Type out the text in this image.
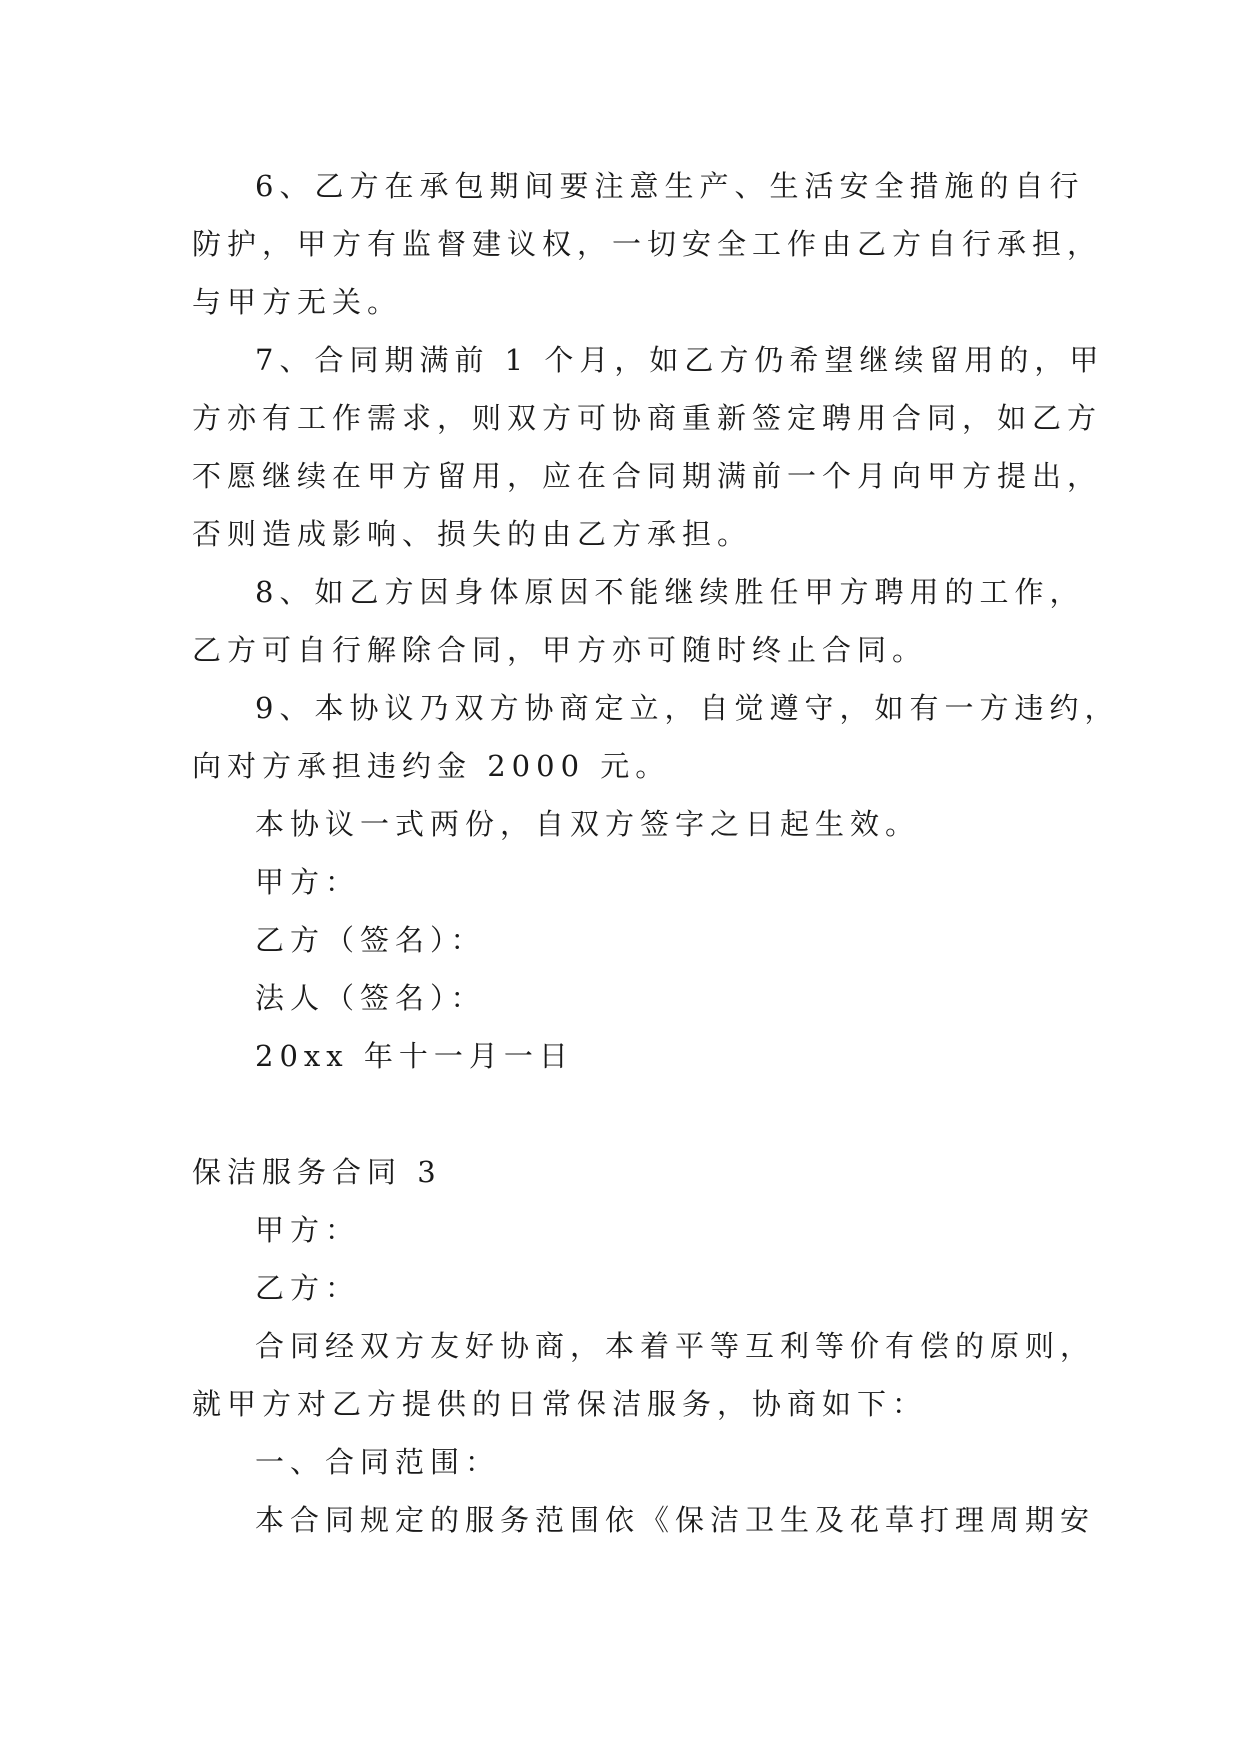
6、乙方在承包期间要注意生产、生活安全措施的自行

防护，甲方有监督建议权，一切安全工作由乙方自行承担，

与甲方无关。

7、合同期满前 1 个月，如乙方仍希望继续留用的，甲

方亦有工作需求，则双方可协商重新签定聘用合同，如乙方

不愿继续在甲方留用，应在合同期满前一个月向甲方提出，

否则造成影响、损失的由乙方承担。

8、如乙方因身体原因不能继续胜任甲方聘用的工作，

乙方可自行解除合同，甲方亦可随时终止合同。

9、本协议乃双方协商定立，自觉遵守，如有一方违约，

向对方承担违约金 2000 元。

本协议一式两份，自双方签字之日起生效。

甲方：

乙方（签名）：

法人（签名）：

20xx 年十一月一日

保洁服务合同 3

甲方：

乙方：

合同经双方友好协商，本着平等互利等价有偿的原则，

就甲方对乙方提供的日常保洁服务，协商如下：

一、合同范围：

本合同规定的服务范围依《保洁卫生及花草打理周期安
